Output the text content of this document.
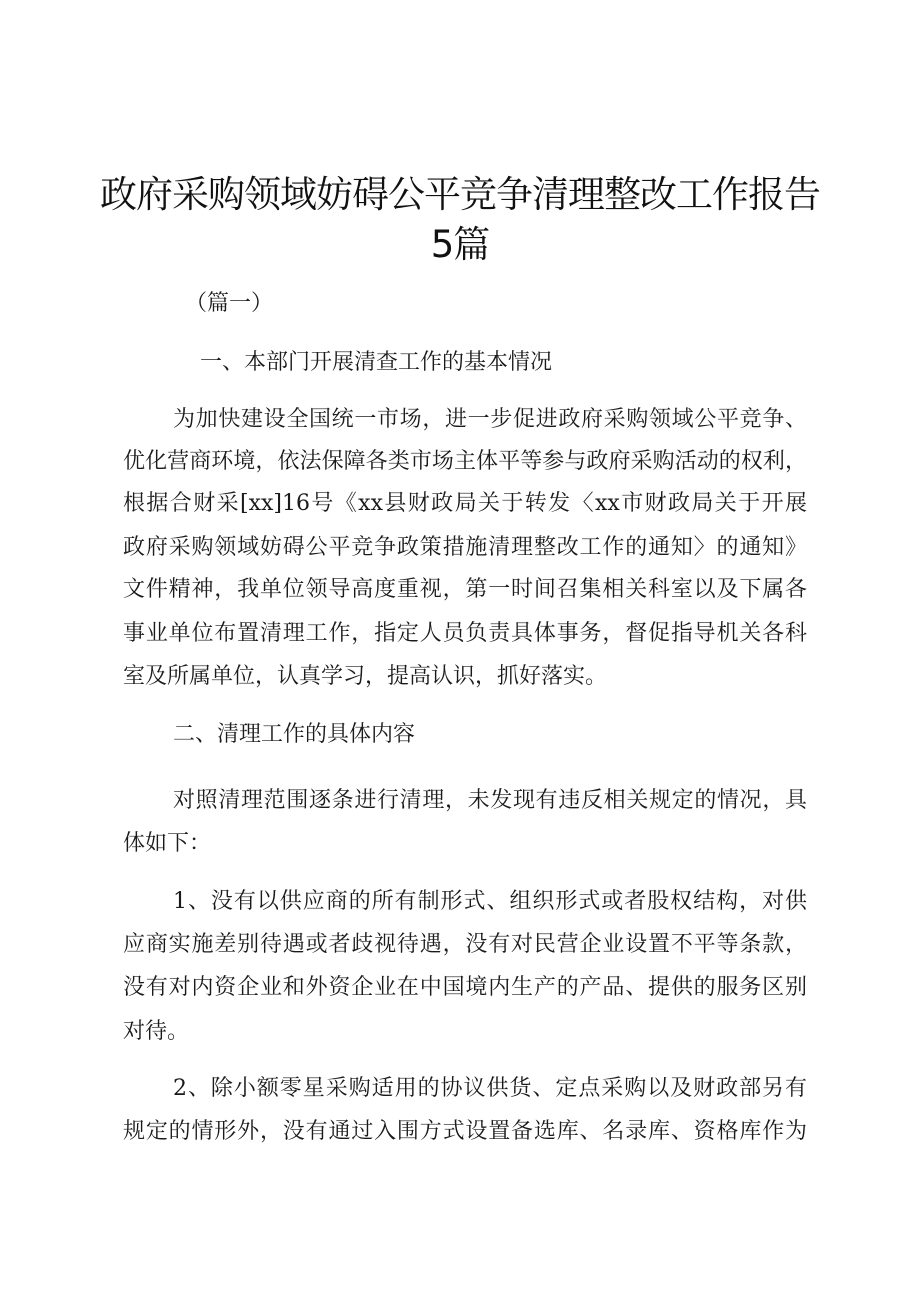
政府采购领域妨碍公平竞争清理整改工作报告
5篇

（篇一）

一、本部门开展清查工作的基本情况

为加快建设全国统一市场，进一步促进政府采购领域公平竞争、

优化营商环境，依法保障各类市场主体平等参与政府采购活动的权利，

根据合财采[xx]16号《xx县财政局关于转发〈xx市财政局关于开展

政府采购领域妨碍公平竞争政策措施清理整改工作的通知〉的通知》

文件精神，我单位领导高度重视，第一时间召集相关科室以及下属各

事业单位布置清理工作，指定人员负责具体事务，督促指导机关各科

室及所属单位，认真学习，提高认识，抓好落实。

二、清理工作的具体内容

对照清理范围逐条进行清理，未发现有违反相关规定的情况，具

体如下：

1、没有以供应商的所有制形式、组织形式或者股权结构，对供

应商实施差别待遇或者歧视待遇，没有对民营企业设置不平等条款，

没有对内资企业和外资企业在中国境内生产的产品、提供的服务区别

对待。

2、除小额零星采购适用的协议供货、定点采购以及财政部另有

规定的情形外，没有通过入围方式设置备选库、名录库、资格库作为
